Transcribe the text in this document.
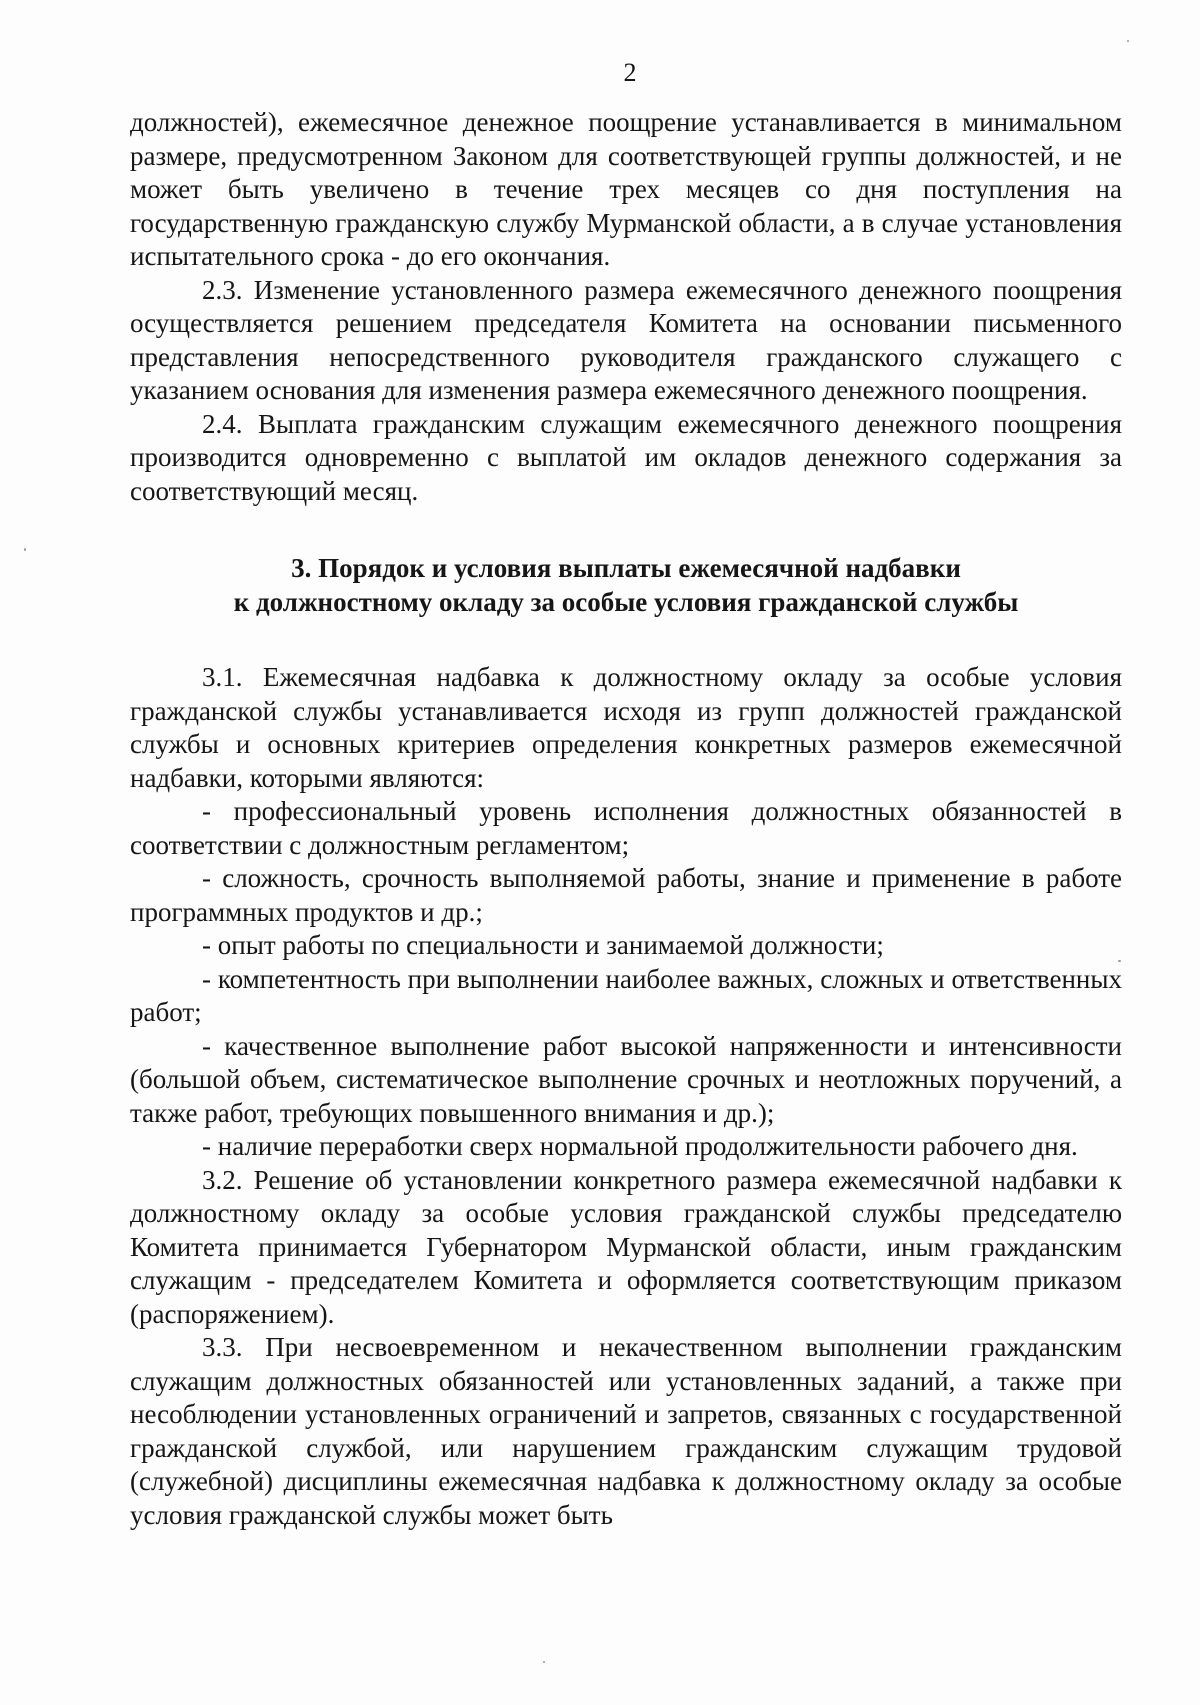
2

должностей), ежемесячное денежное поощрение устанавливается в минимальном размере, предусмотренном Законом для соответствующей группы должностей, и не может быть увеличено в течение трех месяцев со дня поступления на государственную гражданскую службу Мурманской области, а в случае установления испытательного срока - до его окончания.

2.3. Изменение установленного размера ежемесячного денежного поощрения осуществляется решением председателя Комитета на основании письменного представления непосредственного руководителя гражданского служащего с указанием основания для изменения размера ежемесячного денежного поощрения.

2.4. Выплата гражданским служащим ежемесячного денежного поощрения производится одновременно с выплатой им окладов денежного содержания за соответствующий месяц.

3. Порядок и условия выплаты ежемесячной надбавки
к должностному окладу за особые условия гражданской службы

3.1. Ежемесячная надбавка к должностному окладу за особые условия гражданской службы устанавливается исходя из групп должностей гражданской службы и основных критериев определения конкретных размеров ежемесячной надбавки, которыми являются:

- профессиональный уровень исполнения должностных обязанностей в соответствии с должностным регламентом;

- сложность, срочность выполняемой работы, знание и применение в работе программных продуктов и др.;

- опыт работы по специальности и занимаемой должности;

- компетентность при выполнении наиболее важных, сложных и ответственных работ;

- качественное выполнение работ высокой напряженности и интенсивности (большой объем, систематическое выполнение срочных и неотложных поручений, а также работ, требующих повышенного внимания и др.);

- наличие переработки сверх нормальной продолжительности рабочего дня.

3.2. Решение об установлении конкретного размера ежемесячной надбавки к должностному окладу за особые условия гражданской службы председателю Комитета принимается Губернатором Мурманской области, иным гражданским служащим - председателем Комитета и оформляется соответствующим приказом (распоряжением).

3.3. При несвоевременном и некачественном выполнении гражданским служащим должностных обязанностей или установленных заданий, а также при несоблюдении установленных ограничений и запретов, связанных с государственной гражданской службой, или нарушением гражданским служащим трудовой (служебной) дисциплины ежемесячная надбавка к должностному окладу за особые условия гражданской службы может быть
